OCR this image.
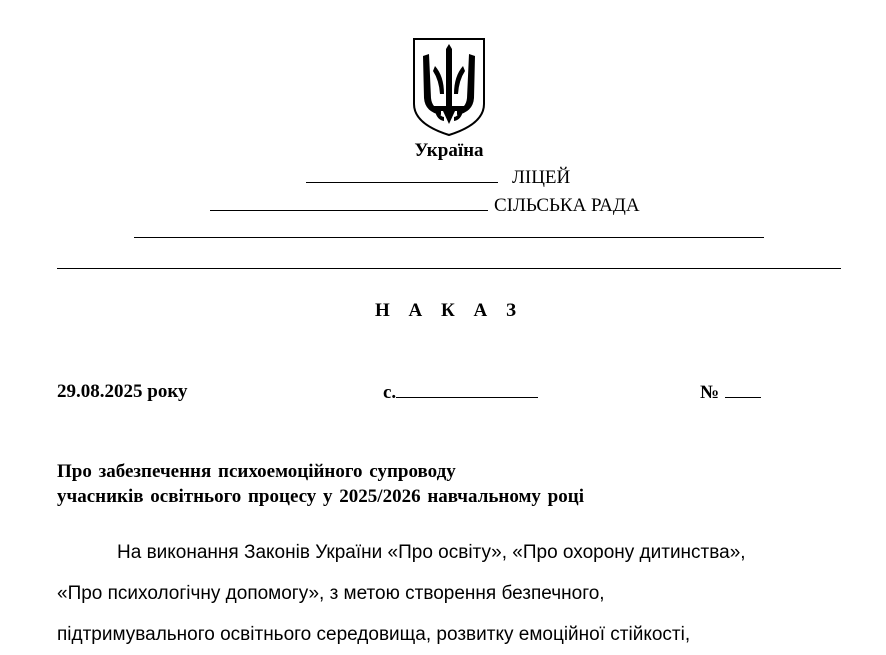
Україна
ЛІЦЕЙ
СІЛЬСЬКА РАДА
Н А К А З
29.08.2025 року	с.	№
Про забезпечення психоемоційного супроводу
учасників освітнього процесу у 2025/2026 навчальному році
На виконання Законів України «Про освіту», «Про охорону дитинства»,
«Про психологічну допомогу», з метою створення безпечного,
підтримувального освітнього середовища, розвитку емоційної стійкості,
